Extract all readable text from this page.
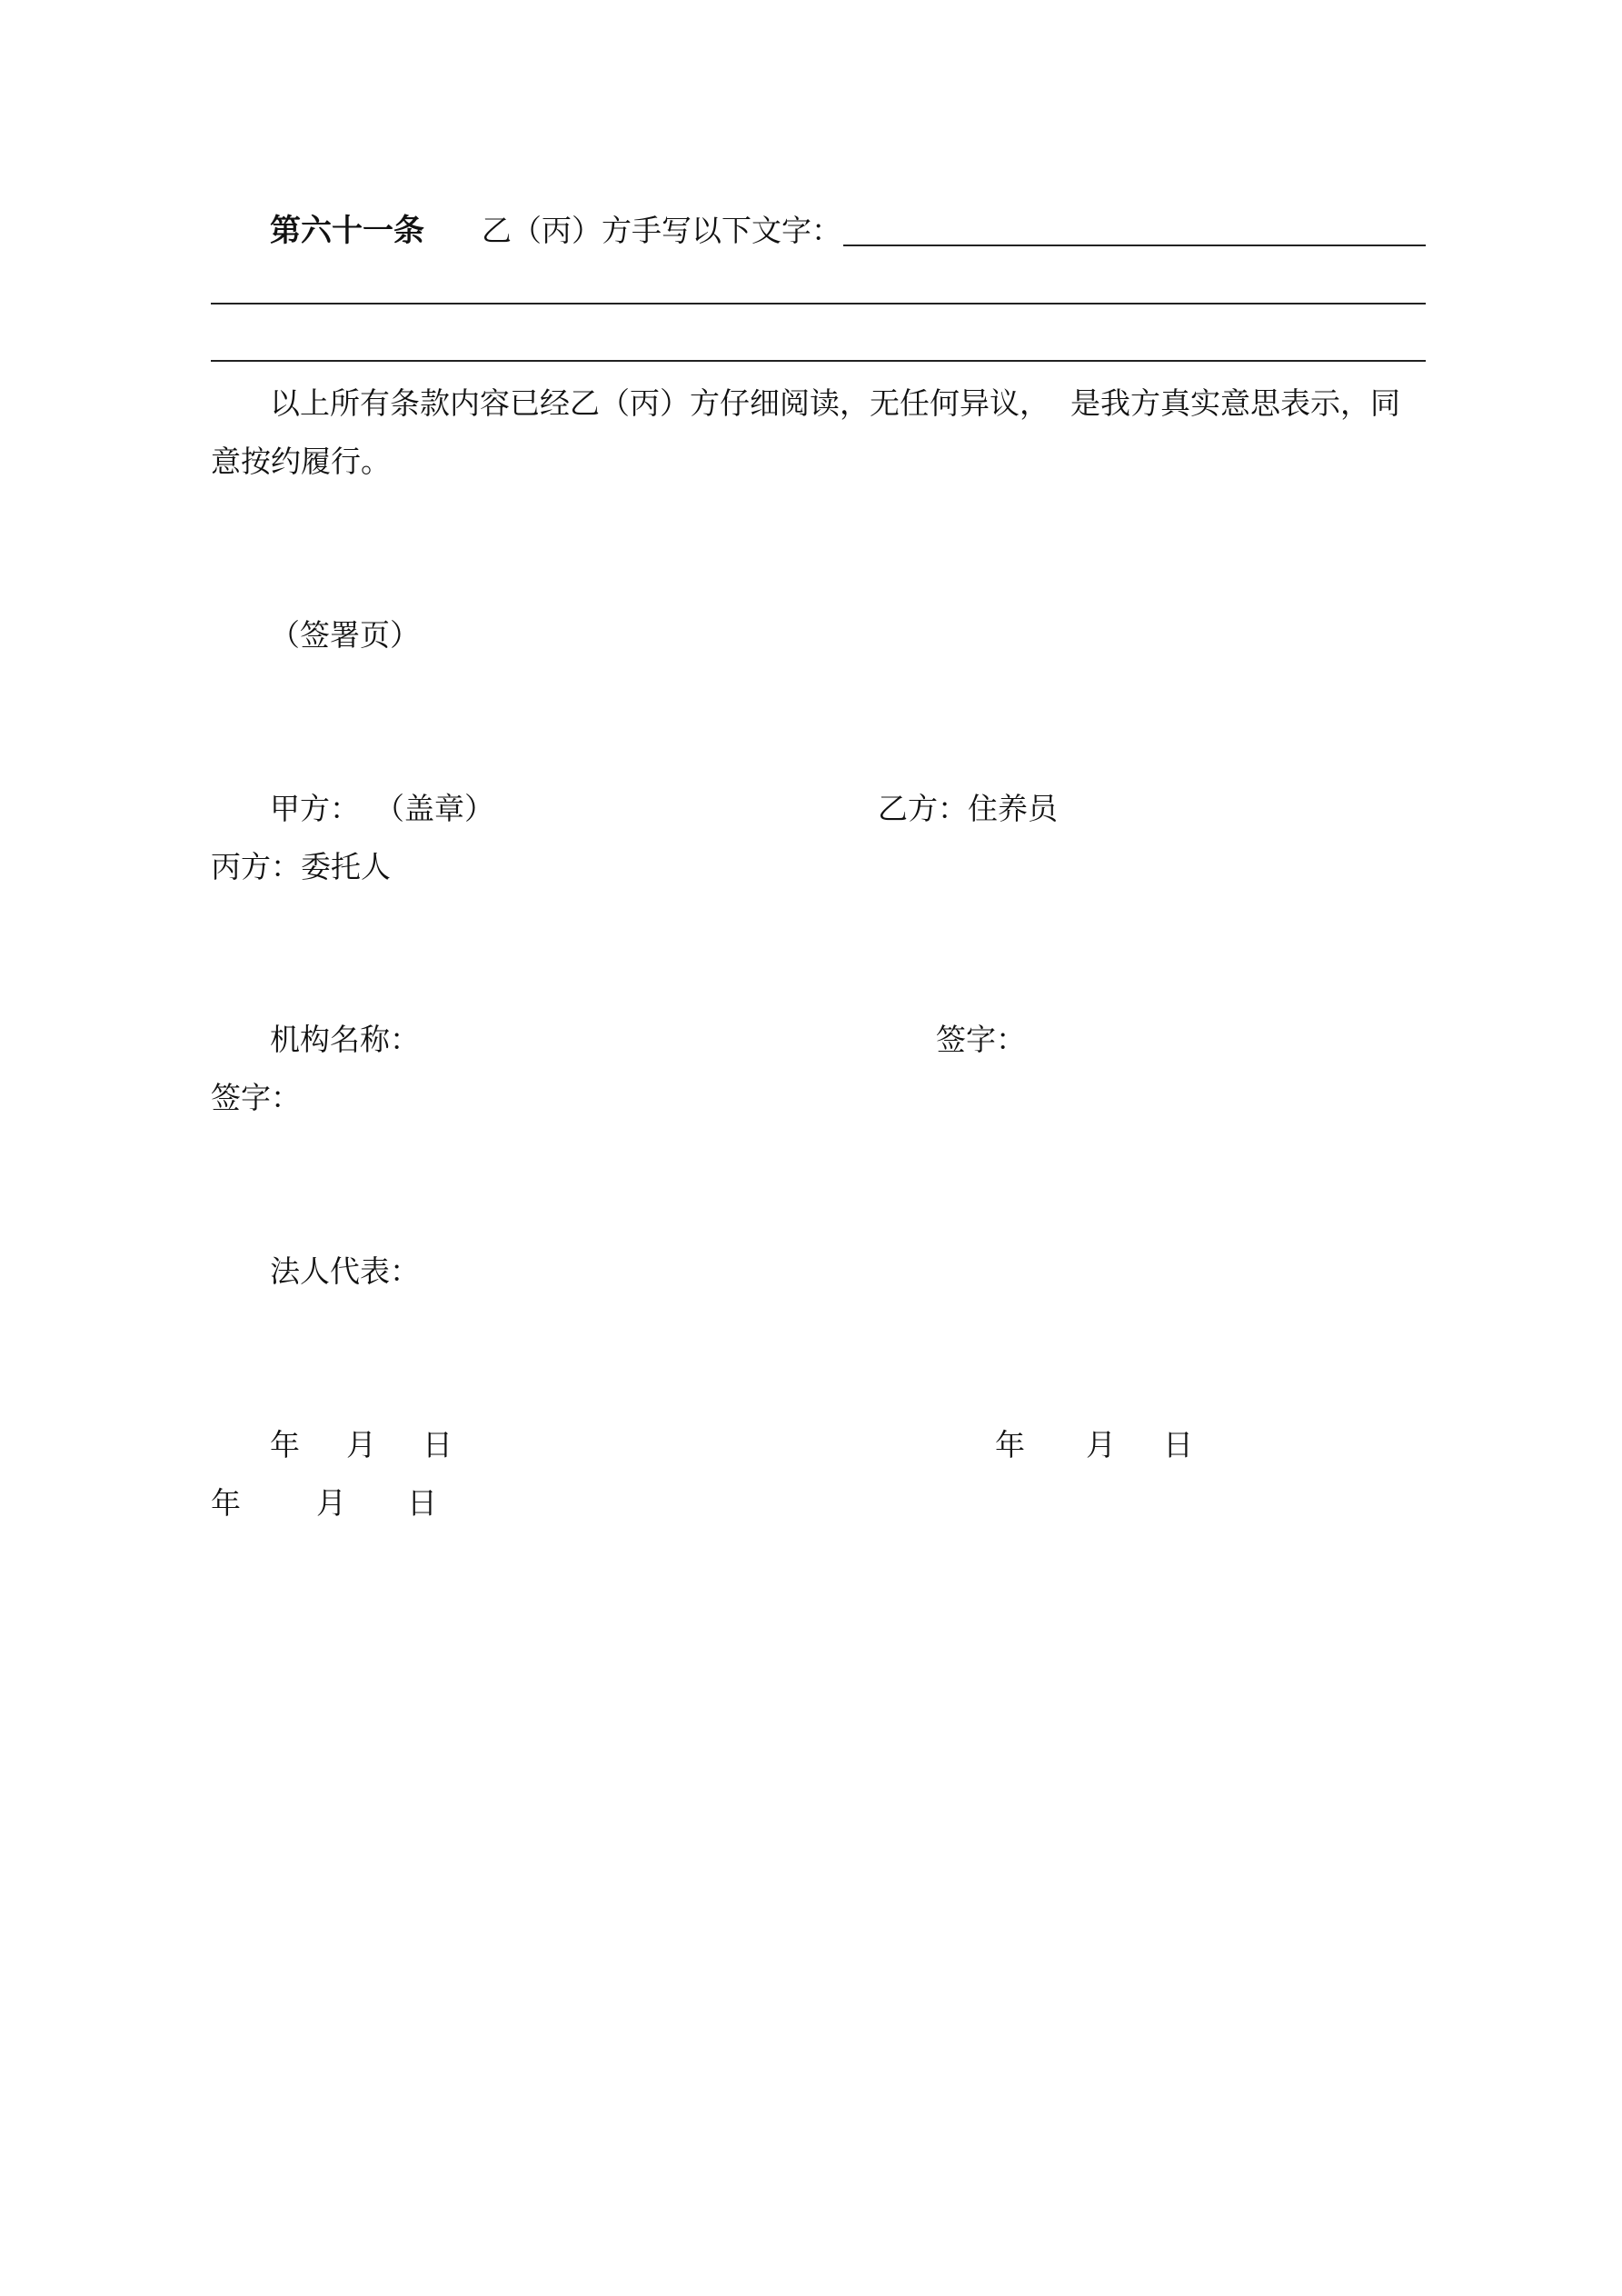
第六十一条 乙（丙）方手写以下文字：
以上所有条款内容已经乙（丙）方仔细阅读，无任何异议， 是我方真实意思表示，同
意按约履行。
（签署页）
甲方： （盖章）	乙方：住养员
丙方：委托人
机构名称：	签字：
签字：
法人代表：
年 月 日	年 月 日
年	月 日
